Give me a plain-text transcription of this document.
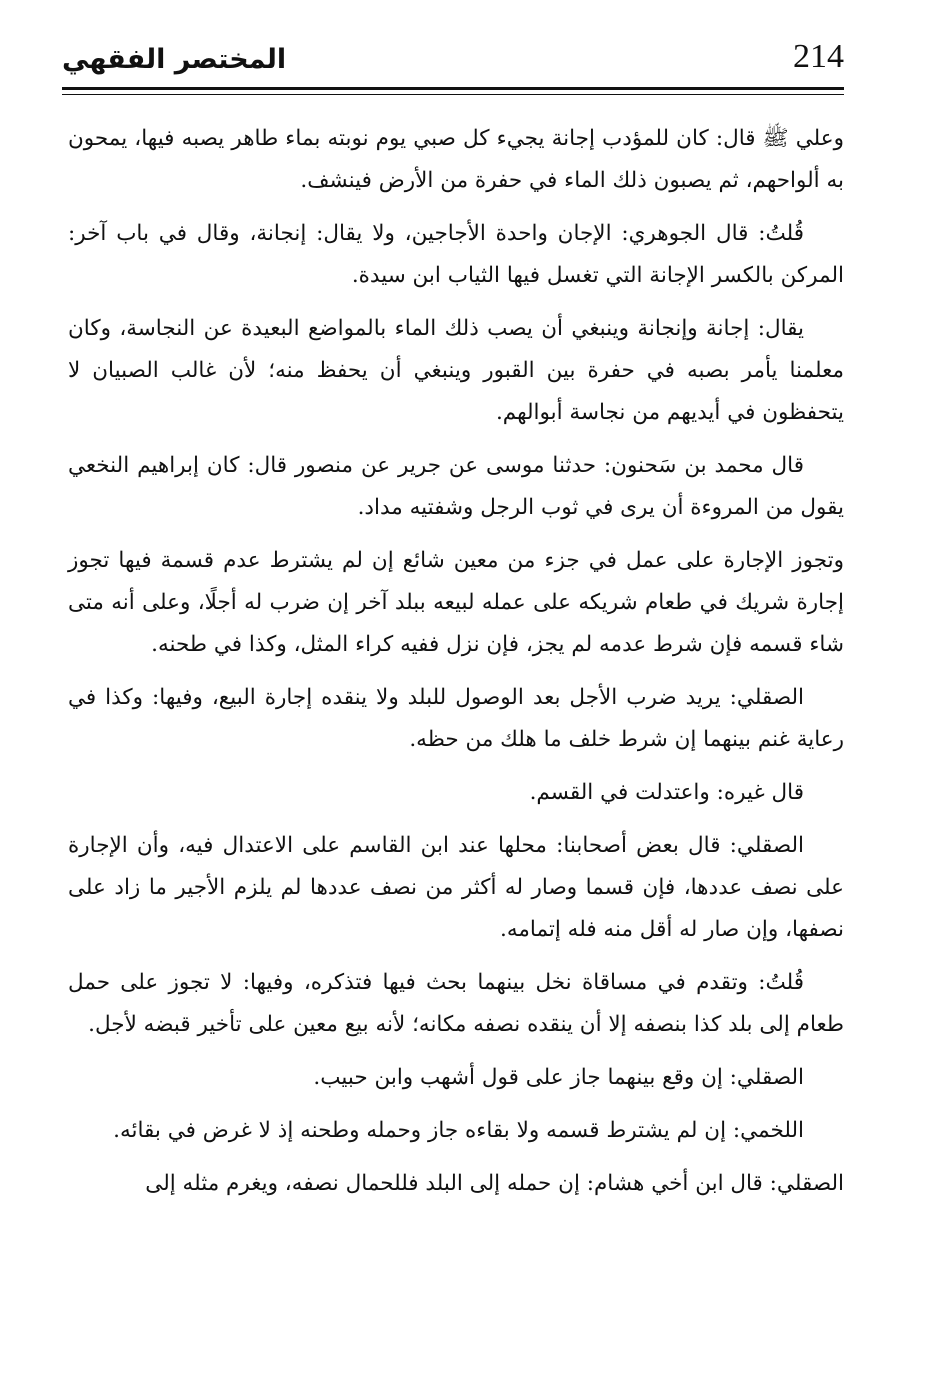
214
المختصر الفقهي

وعلي ﷺ قال: كان للمؤدب إجانة يجيء كل صبي يوم نوبته بماء طاهر يصبه فيها، يمحون به ألواحهم، ثم يصبون ذلك الماء في حفرة من الأرض فينشف.

قُلتُ: قال الجوهري: الإجان واحدة الأجاجين، ولا يقال: إنجانة، وقال في باب آخر: المركن بالكسر الإجانة التي تغسل فيها الثياب ابن سيدة.

يقال: إجانة وإنجانة وينبغي أن يصب ذلك الماء بالمواضع البعيدة عن النجاسة، وكان معلمنا يأمر بصبه في حفرة بين القبور وينبغي أن يحفظ منه؛ لأن غالب الصبيان لا يتحفظون في أيديهم من نجاسة أبوالهم.

قال محمد بن سَحنون: حدثنا موسى عن جرير عن منصور قال: كان إبراهيم النخعي يقول من المروءة أن يرى في ثوب الرجل وشفتيه مداد.

وتجوز الإجارة على عمل في جزء من معين شائع إن لم يشترط عدم قسمة فيها تجوز إجارة شريك في طعام شريكه على عمله لبيعه ببلد آخر إن ضرب له أجلًا، وعلى أنه متى شاء قسمه فإن شرط عدمه لم يجز، فإن نزل ففيه كراء المثل، وكذا في طحنه.

الصقلي: يريد ضرب الأجل بعد الوصول للبلد ولا ينقده إجارة البيع، وفيها: وكذا في رعاية غنم بينهما إن شرط خلف ما هلك من حظه.

قال غيره: واعتدلت في القسم.

الصقلي: قال بعض أصحابنا: محلها عند ابن القاسم على الاعتدال فيه، وأن الإجارة على نصف عددها، فإن قسما وصار له أكثر من نصف عددها لم يلزم الأجير ما زاد على نصفها، وإن صار له أقل منه فله إتمامه.

قُلتُ: وتقدم في مساقاة نخل بينهما بحث فيها فتذكره، وفيها: لا تجوز على حمل طعام إلى بلد كذا بنصفه إلا أن ينقده نصفه مكانه؛ لأنه بيع معين على تأخير قبضه لأجل.

الصقلي: إن وقع بينهما جاز على قول أشهب وابن حبيب.

اللخمي: إن لم يشترط قسمه ولا بقاءه جاز وحمله وطحنه إذ لا غرض في بقائه.

الصقلي: قال ابن أخي هشام: إن حمله إلى البلد فللحمال نصفه، ويغرم مثله إلى
